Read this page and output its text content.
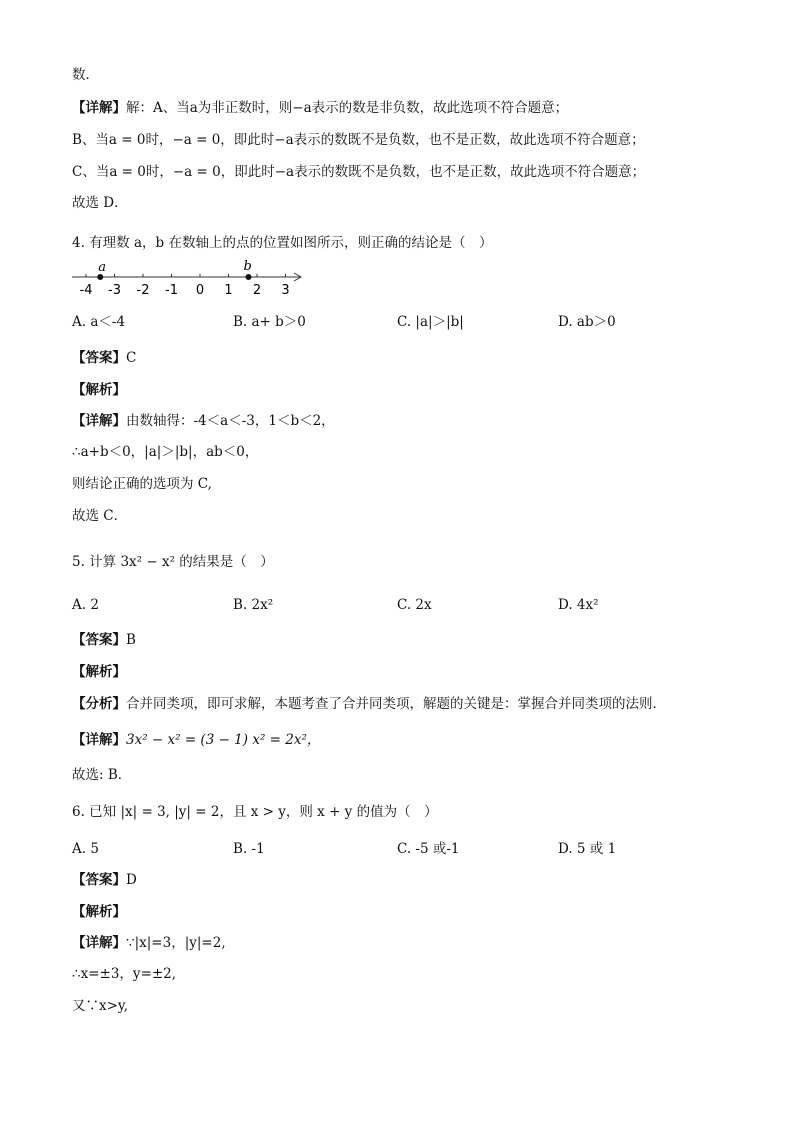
数．
【详解】解：A、当a为非正数时，则−a表示的数是非负数，故此选项不符合题意；
B、当a = 0时，−a = 0，即此时−a表示的数既不是负数，也不是正数，故此选项不符合题意；
C、当a = 0时，−a = 0，即此时−a表示的数既不是负数，也不是正数，故此选项不符合题意；
故选 D．
4. 有理数 a，b 在数轴上的点的位置如图所示，则正确的结论是（　）
-4 -3 -2 -1 0 1 2 3
a	b
A. a＜-4	B. a+ b＞0	C. |a|＞|b|	D. ab＞0
【答案】C
【解析】
【详解】由数轴得：-4＜a＜-3，1＜b＜2，
∴a+b＜0，|a|＞|b|，ab＜0，
则结论正确的选项为 C,
故选 C．
5. 计算 3x² − x² 的结果是（　）
A. 2	B. 2x²	C. 2x	D. 4x²
【答案】B
【解析】
【分析】合并同类项，即可求解，本题考查了合并同类项，解题的关键是：掌握合并同类项的法则．
【详解】3x² − x² = (3 − 1) x² = 2x²，
故选: B．
6. 已知 |x| = 3, |y| = 2，且 x > y，则 x + y 的值为（　）
A. 5	B. -1	C. -5 或-1	D. 5 或 1
【答案】D
【解析】
【详解】∵|x|=3，|y|=2,
∴x=±3，y=±2,
又∵x>y,
